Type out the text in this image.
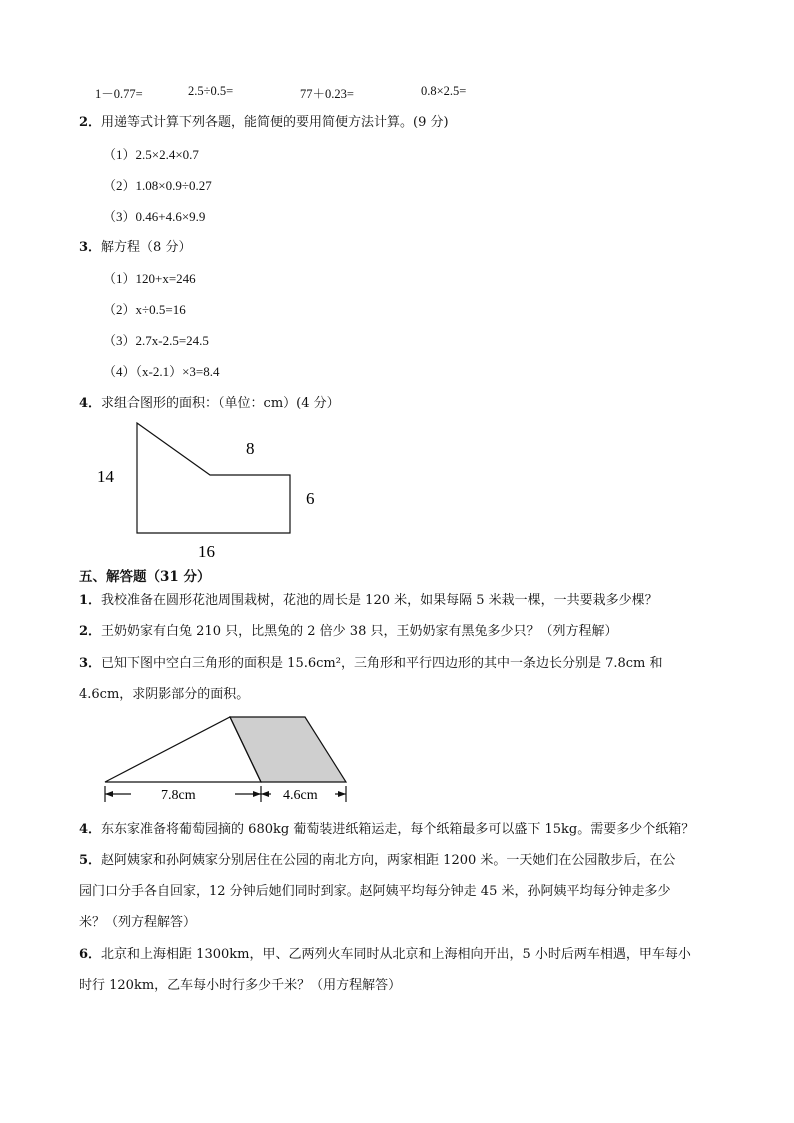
1－0.77=	2.5÷0.5=	77＋0.23=	0.8×2.5=
2．用递等式计算下列各题，能简便的要用简便方法计算。(9 分)
（1）2.5×2.4×0.7
（2）1.08×0.9÷0.27
（3）0.46+4.6×9.9
3．解方程（8 分）
（1）120+x=246
（2）x÷0.5=16
（3）2.7x-2.5=24.5
（4）（x-2.1）×3=8.4
4．求组合图形的面积：（单位：cm）(4 分）
14
8
6
16
五、解答题（31 分）
1．我校准备在圆形花池周围栽树，花池的周长是 120 米，如果每隔 5 米栽一棵，一共要栽多少棵？
2．王奶奶家有白兔 210 只，比黑兔的 2 倍少 38 只，王奶奶家有黑兔多少只？（列方程解）
3．已知下图中空白三角形的面积是 15.6cm²，三角形和平行四边形的其中一条边长分别是 7.8cm 和
4.6cm，求阴影部分的面积。
7.8cm	4.6cm
4．东东家准备将葡萄园摘的 680kg 葡萄装进纸箱运走，每个纸箱最多可以盛下 15kg。需要多少个纸箱？
5．赵阿姨家和孙阿姨家分别居住在公园的南北方向，两家相距 1200 米。一天她们在公园散步后，在公
园门口分手各自回家，12 分钟后她们同时到家。赵阿姨平均每分钟走 45 米，孙阿姨平均每分钟走多少
米？（列方程解答）
6．北京和上海相距 1300km，甲、乙两列火车同时从北京和上海相向开出，5 小时后两车相遇，甲车每小
时行 120km，乙车每小时行多少千米？（用方程解答）
